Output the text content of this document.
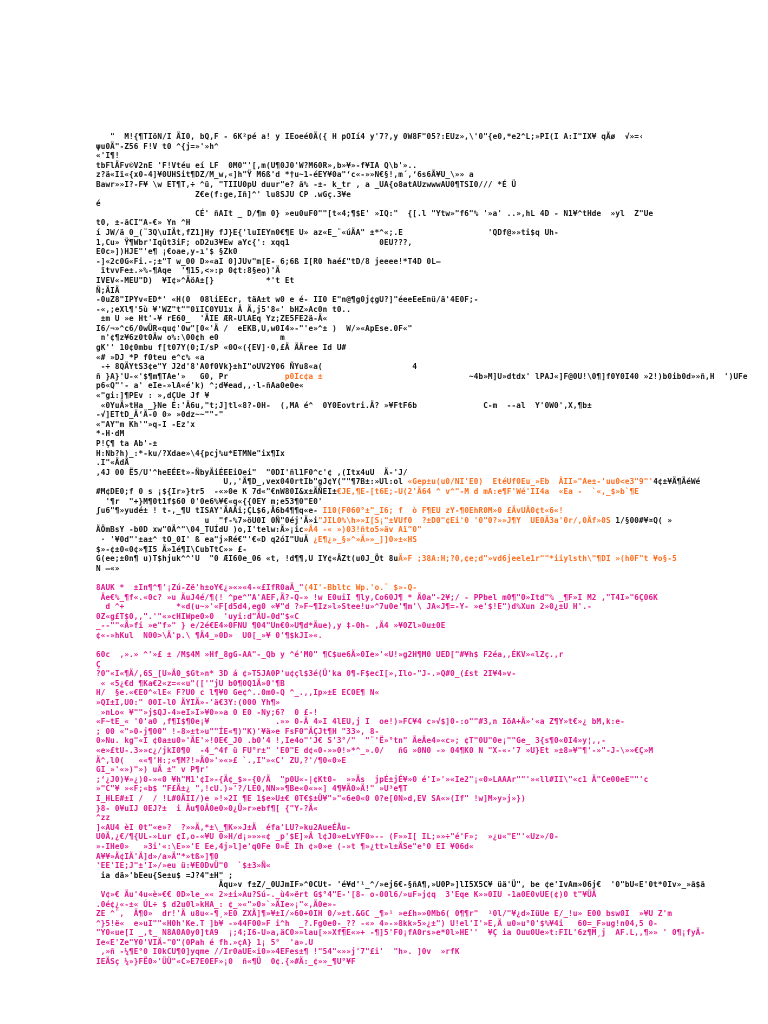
"  M!{¶TIöN/I ÄI0, bQ,F - 6K²pé a! y IEoeé0Ä({ H pOIí4 y'7?,y 0W8F"05?:EUz»,\'0"{e0,*e2^L;»PI(I A:I"IX¥ qÃø  √»=‹
ψu0Ä"-Z56 F!V t0 ^{j=»'»h^
«'I¶!
tbFlÄFv©V2nE 'F!Vtéu eí LF  0M0"'[,m(U¶0J0'W?M60R»,b»¥»-f¥IA Q\b'»..
z?ä«Iï«{x0-4]¥0UHSit¶DZ/M_w,«]h"Ÿ M6ß'd *†u~1-éEY¥0a"ʻc«-»»N€§!,m´,ʻ6s6Ã¥U_\»» a
Bawr»»I?-F¥ \w ET¶T,÷ ^ü, "TIIU0pU duur"e? ã% -±- k_tr , a _UA{o8atAUzwwwAU0¶TSI0/// *É Ü
Z€e(f:ge,Iñ]^' lu8SJU CP .wGç.3¥e
é
CÉ' ñAIt _ D/¶m 0} »eu0uF0""[t«4;¶$E' »IQ:"  {[.l "Ytw»"f6"% '»a' ..»,hL 4D - N1¥^tHde  »yl  Z"Ue
t0, ±-ãCI"A-€» Yn ^H
í JW/ä 0_(¨3Q\uIÄt,fZ1]Hy fJ}E{'luIEYn0€¶E U» az«E_¨«úÄA" ±*^«;.E                  'QDf@»»ti$q Uh-
1,Cu» Ÿ¶Wbr'Iqût3iF; oD2u3¥Ew aYc{': xqq1                   0EU???,
E0c»])HJE"'e¶ ¡€oae,y-ı'$ §Zk0
-]«2c0G«Fi.-;±"T w_00 D»«aI 0]JUv"m[E- 6;6ß I[R0 ħaé£"tD/8 jeeee!*T4D 0L—
ïtvvFe±.»%-¶Aqe  '¶15,<»:p 0¢t:8§eo)'Ä
IVEV«-MEU"D)  ¥I¢»^ÄöA±[}           *'t Et
Ñ;ÄIÄ
-0uZ8"IPYv«ED*' «H(0  08liEEcr, täA±t w0 e é- II0 E"n@¶g0j¢gU?]"éeeEeEnü/ä'4E0F;-
-«,;eXl¶'5ù ¥'WZ"t""0ïIC0YU1x Ä Ä,j5'8«' bHZ»Ac0n t0..
±m U »e Ht'-¥ rE60_  'ÄIE ÆR-UlAEq Yz;ZE5FE2ä-Ä«
I6/¬»^c6/0wÜR«qu¢'0w"[0«'Ä /  eEKB,U,w0I4»-"'e»^± )  W/»«ApEse.0F«"
n'¢¶z¥6z0t0Äw o%:\00¢h e0             m
gK'' 10¢0mbu f[t07Y(0;I/sP «0O«({EV]·0,£Ä ÄÄree Id U#
«# »DJ *P f0teu e^c% «a
-÷ 8QÄYtS3¢e"Y J2d'8'A0f0Vk}±hI"oUV2Y06 ÑYu8«a(                   4
ñ }A}'U-«'$¶m¶TAe'»   G0, Pr            p0Ic¢a ±                               ~4b»M]U»dtdx' lPAJ«]F@0U!\0¶]f0Y0I40 »2!)b0ib0d»»ñ,H  ')UFe
p6«Q"'- a' eIe-»lA«é'k) ^;d¥ead,,·l-ñAa0e0e«
«"gi:]¶PEv : »,dÇUe Jf ¥
«0YuÄ»tHa _}Ne É:'Ä6u,"t;J]tl«8?-0H-  (,MA é^  0Y0Eovtri.Ä? »¥FtF6b              C-m  --al  Y'0W0',X,¶b±
-√]ETtD_ÄʻÄ-0 0» »0dz~~""-"
«"AY"m Kh'"»q-I -Ez'x
*-H·dM
P!Ç¶ ta Ab'-±
H:Nb?h)_:*-ku/?Xdae»\4{pcj%u*ETMNe"ix¶Ix
.I"«ÄdÅ
,4J 00 Ë5/U'^heEÉEt»-ÑbyÄiÉEEiOei"  "0DI'ñl1F0^c'¢ ,(Itx4uU  Ä-'J/
U,,'Ä¶D_,vex040rtIb"gJ¢Y(""¶7B±:»Ul:ol «Gep±u(u0/NI'E0)  EtéUf0Eu_»Eb  ÄII»"Ae±-'uu0<e3"9"'4¢±¥Ä¶ÄéWé
#M¢DE0;f 0 s ¡${Ir»}tr5  -«»0e K 7d«"€nW80I&x±ÄÑEI±€JE,¶E-[t6E;-U(2'Ä64 ^ v^"-M d mA:e¶F'Wé'II4a  «Ea -  `«,_$»b`¶E
'¶r  "+}M¶0t1f$60 0'0e6%¥€«q«{{0EY m;e53¶0"E0'
ʃu6"¶»yudé± ! t-,_¶U tISAY'ÄAÄi;ÇL$6,Ä6b4¶¶q«e- I10(F060°±"_I6; f  ò F¶EU zY-¶0EhR0M»0 £ÄvUÄ0¢t«6«!
u  "f-%7»öU0I 0Ñ"0éj'Ä»i"JIL0%\h»»I[S¡"±VUf0  ?±D0"¢Ei'0 '0"0?»»J¶Y  UE0Ä3a'0r/,0Äf»0S 1/§00#¥¤Q( »
ÄÖmBsY -b0D xw"0Ä^"\04_TUÍdU )o,I'telw:Ä»¡ic»Ä4 -« »)03!ñto5»äv Aï"0"
· '¥0d"'±a±^ tO_0I' ß ea"j»Ré€"'€«D q2óI"UuÄ ¿E¶¿»_§»^»Ä»»_]]0»±«HS
$»-¢±0«0¢»¶I5 Ä»1é¶I\CubTtC»» £-
G(ee;±0n¶ u)T$hjuk^^'U  "0 ÆI60e_06 «t, !d¶¶,U IY¢«ÄZt(u0J_Öt 8uÄ»F ;38A:H;?0,¢e;d"»vd6jeele1r""*iiylsth\"¶DI »(h0F"t ¥o§-5
N —«»
8AUK *  ±In¶^¶'¡Zú-Zë'h±oY€¿»«»«4-«£IfR0aÄ_"(4I'-Bbltc Wp.'o.¨ $»-Q-
Äe€%_¶f«.«0c? »u ÄuJ4é/¶(! ^pe^"A'AEF,Ä?-Q-» !w E0uiI ¶ly,Co60J¶ * Ä0a"-2¥;/ - PPbel m0¶"0»Itd"% _¶F»I M2 ,"T4I»"6Ç06K
d ^+           *«d(u~»'«F[d5d4,eg0 «¥"d ?»F~¶Iz»l»Stee!u»^7u0e'¶m'\ JA«J¶=-Y- »e'$!E")d%Xun 2»0¿±U H'.-
0Z«g£T$0,,".'"«»cHIWpe0»0  'uyi:d"ÄU-0d"$«C
_--""«Ä»fi »e"f»" } e/2é€E4»0FNU ¶04"Un€0»U¶d*Äue),y ‡-0h- ,Ä4 »¥0Zl»0u±0E
¢«-»hKul  N00>\Ä'p.\ ¶Ä4_»0D»  U0[_»¥ 0'¶$kJI»«.
60c  ,».» ^'»£ ± /M$4M »Hf_8gG-AA"-_Qb y ^é'M0" ¶C$ue6Ä»0Ie»'«U!»g2H¶M0 UED["#¥h$ F2éa,,ÉKV»«lZç.,r
Ç
?0"«I«¶Ä/,6S_[U»Ä0_$Gt»n* 3D á ¢»T5JA0P'u¢çl$3é(Ü'ka 0¶-F$ecI[»,Ilo-"J-.»Q#0_(£st 2I¥4»v-
« «5¿€d ¶Ka€2«z=««u"(['"jU b0¶0Q1Ä»0'¶B
H/  §e.«€E0^«lE« F?U0 c l¶¥0 Ge¢^..0m0-Q ^_.,,Ip»±E EC0E¶ N«
»QI±I,U0:" 00I-l0 ÄYIÄ»-'ä€3Y:(000 Yh¶»
»nLo« ¥""»j$QJ-4»eI»I»¥0»»a 0 E0 -Ny;6?  0 £-!
«F~tE_« '0'a0 ,f¶I$¶0e¡¥              .»» 0-Ä 4»I 4lEU,j I  oe!)»FC¥4 c»√$]0-:o""#3,n IöA+Ä»'«a Z¶Y»t€»¿ bM,k:e-
; 00 «"»0-j¶00" !-8»±t»u""ÍE«¶)"K)'¥ä»e FsF0"ÄÇJt¶H "33», 8-
0»Nu. kg"«I ¢0a±u0»'ÄE'»!0E€_J0 .b0'4 !,Ie4o"'J€ S'3°/"  "¨'Ë»°tn" ÄeÄe4»«c»; ¢T"0U"0e¡""Ge_ 3{s¶0«0I4»y¦,,-
«e»£tU-.3»»c¿/jkI0¶0  -4_^4f ü FU°r±" 'E0"E d¢«0-»»0!»*^_».0/   ñG »0N0 -» 04¶K0 N "X-«-'7 »U}Et »±8»¥"¶'-»"-J-\»»€Ç»M
Ä^,l0(   ««¶'H:;«¶M?!»Ä0»'»«»£ `.,I"»«C' ZU,?'/¶0«0»E
GI_»'«»)"») uÄ ±" v P¶r'
;‘¿J0)¥»¿)0-»«0 ¥h"M1'¢I»-{Ä¢_$»-{0/Ä  "p0U«-|¢Kt0-  »»Äs  jpÉ±jÉ¥»0 é'I»'»«Ie2"¡«0»LAAAr""'»«ll#II\"«c1 Ä"Ce00eE""'c
»"C"¥ »«F;«b$ "F£Ä±¿ ",!cU.)»'?/LE0,NN»»¶Be«0«»«] 4¶¥Ä0»Ä!" »U³e¶T
I_HLE#±I /  / !L#0ÄII/)e »!»2I ¶E 1$e»U±€ 0T€$±Ü¥"»"«6e0«0 0?e[0N»d,EV SA«»(If" !w]M»y»j»})
}8- 0¥uIJ 0EJ?±  i Äu¶0Ä0e0»0¿Ü»r»ebf¶[ {"Y-?Ä«
^zz
]«AU4 èI 0t"«e»?  ?»»Ä,*±\_¶K»»J±Ä  éfa'LU?»ku2AueÉÅu-
U0Ä,¿€/¶{UL-»Lur ¢I,o-«¥U 0»H/d¡»»»«¢ _p'$E]»Ä l¢J0»eLvYF0»-- (F»»I[ IL;»»÷"é'F»;  »¿u«"E"'«Uz»/0-
»-IHe0»   »3i'«:\E»»'E Ee,4j»l]e'q0Fe 0»Ë Ih ¢»0»e (-»t ¶»¿tt»l±ÄSe"e°0 EI ¥06d«
A¥¥»Ä¢IÄ'Ä]d»/a»Ä"*»tß»]¶0
'EE'IE;J"±'I»/»eu ü:¥E0DvÜ"0  `$±3»Ñ«
ia dä»'bEeu{Se±u$ =J?4"±H" ;
Äqu»v f±Z/_0UJmIF»^0CUt- 'é¥d'¹_^/»ej6€-§ñA¶,»U0P»]lI5X5C¥ üä'Ü", be ¢e'IvAm»06j€  '0"bU«E'0t*0Iv»_»ã$ã
V¢»€ Äu'4u«è»€€ 0D»le_«« 2»±i»Au?Sú-._ù4»ërt G$°4"E-'[8- o-00l6/»uF»j¢q  3'Eqe K»»0IU -1a0E0vUE(¢)0 t"¥ÜÄ
.0é¢¿«-±« ÚL÷ $ d2u0l»kHA_: ¢_»«"»0»`»ÄIe»¡"«,Ä0e»-
ZE ^¨,  Ä¶0»  dr!'Ä u8u«-¶¸»E0 ZXÄ]¶»¥±I/»60+0IH 0/»±t.&GC _¶»¹ »e£h»»0Mb6( 0¶¶r"  ¹0l/"¥¿d»IüUe E/_!u» E00 bsw0I  »¥U Z'm
^}5!ë«  e»uI""«H0h'Ke.T ]b¥ -»44F00»F i^h  _?.Fg0e0-_?? -«» 4»-»8kk»5»¿±") U!el'I'»E,Ä u0»u°0'$%¥4i   60=_F»ug!n04,5 0-
"Y0«ue[I _,t_ N8A0A0y0]tA9  ¡;4;I6-U»a,äC0»»lau[»»Xf¶E«»+ -¶]5'F0¡fA0rs»e*0l»HE''  ¥Ç ia Ouu0Ue»t:FIL'6z¶M¸j  AF.L,,¶»» ' 0¶¡fyÄ-
Ie«E'Ze"Y0'VIÄ-"0"(0Pah é fh.»çA} 1¡ 5°  'a».U
,»ñ -¼¶E°0 I0kCU¶0]yqme //Ir0aUE«i0»»4EFes±¶ !"54"«»»j'7"£i'  "h». ]0v  »rfK
IEÄSç ¼»}FË0»'ÜÜ"«C»E7E0EF»¡0  ñ«¶Ü  0¢.{»#Ä:_¢»»_¶U°¥F
